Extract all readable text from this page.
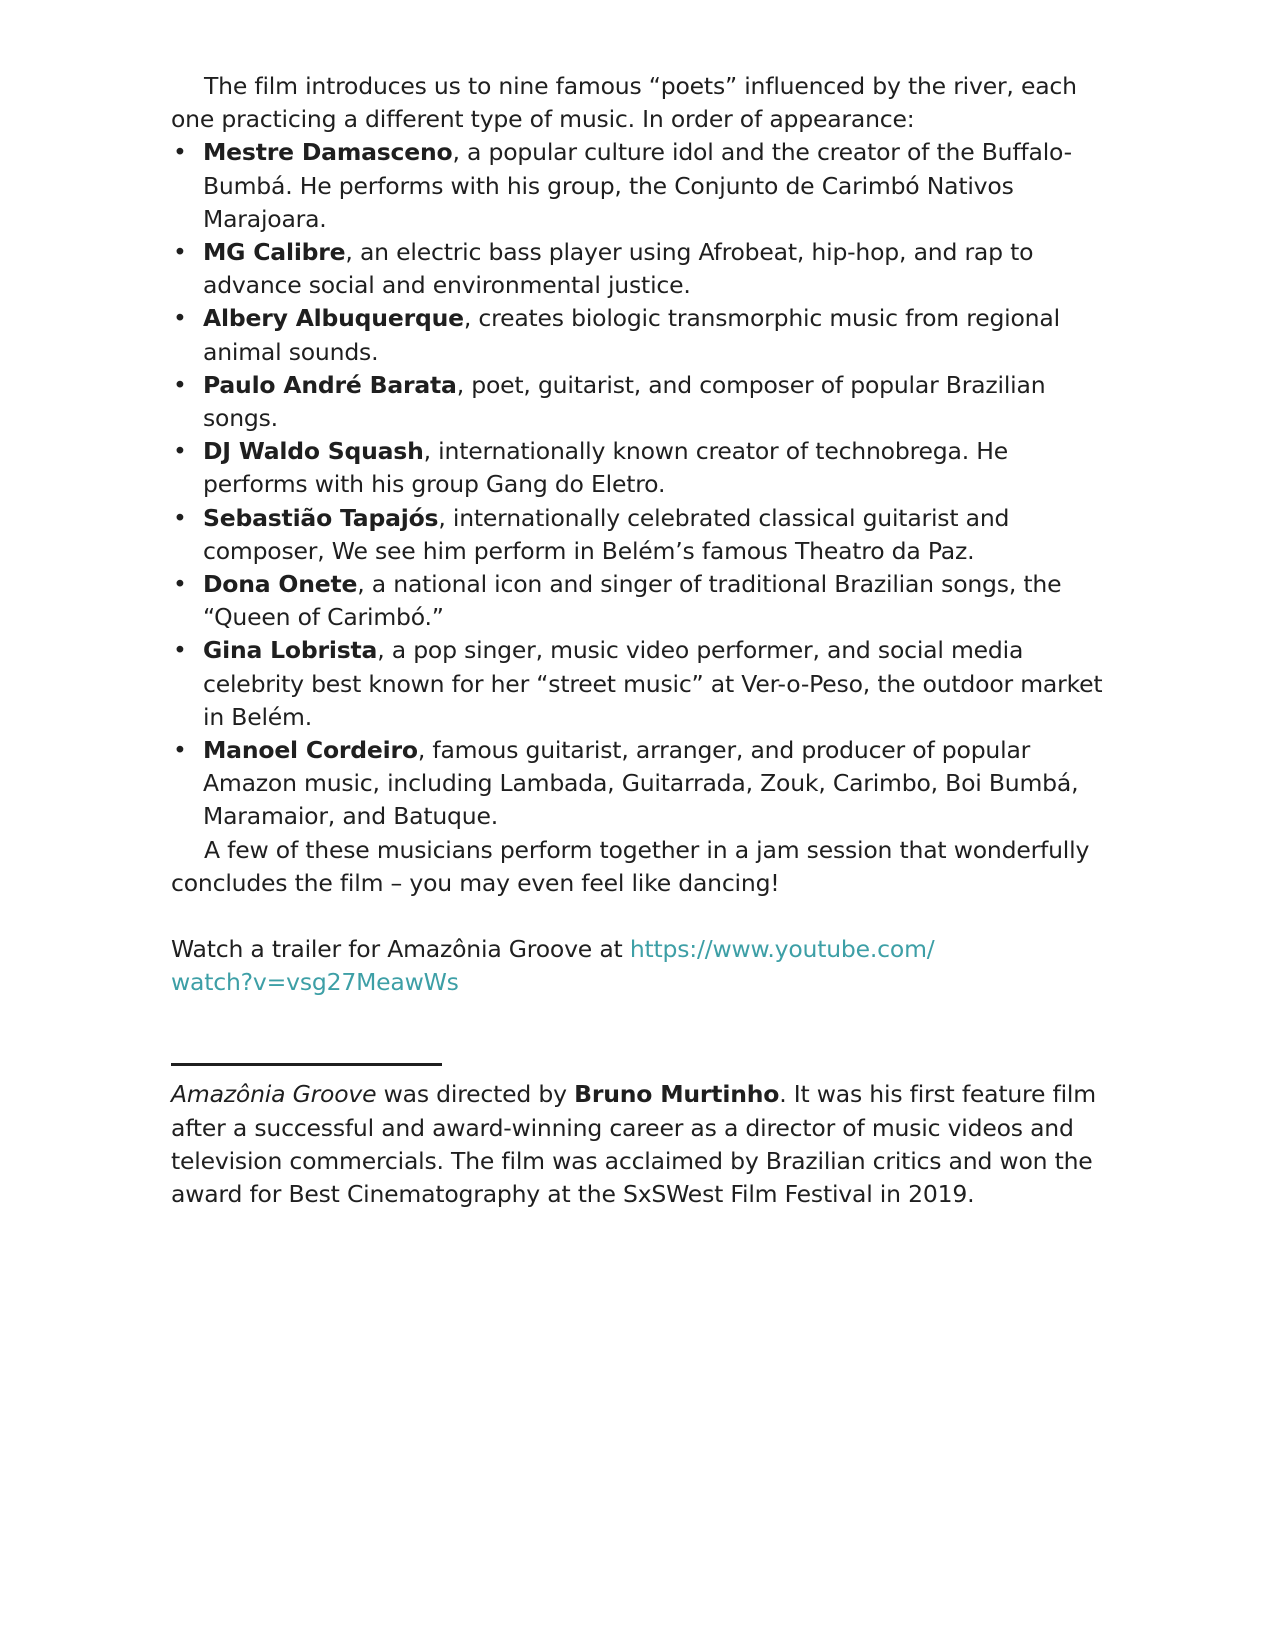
The film introduces us to nine famous “poets” influenced by the river, each one practicing a different type of music. In order of appearance:

• Mestre Damasceno, a popular culture idol and the creator of the Buffalo-Bumbá. He performs with his group, the Conjunto de Carimbó Nativos Marajoara.
• MG Calibre, an electric bass player using Afrobeat, hip-hop, and rap to advance social and environmental justice.
• Albery Albuquerque, creates biologic transmorphic music from regional animal sounds.
• Paulo André Barata, poet, guitarist, and composer of popular Brazilian songs.
• DJ Waldo Squash, internationally known creator of technobrega. He performs with his group Gang do Eletro.
• Sebastião Tapajós, internationally celebrated classical guitarist and composer, We see him perform in Belém’s famous Theatro da Paz.
• Dona Onete, a national icon and singer of traditional Brazilian songs, the “Queen of Carimbó.”
• Gina Lobrista, a pop singer, music video performer, and social media celebrity best known for her “street music” at Ver-o-Peso, the outdoor market in Belém.
• Manoel Cordeiro, famous guitarist, arranger, and producer of popular Amazon music, including Lambada, Guitarrada, Zouk, Carimbo, Boi Bumbá, Maramaior, and Batuque.

A few of these musicians perform together in a jam session that wonderfully concludes the film – you may even feel like dancing!

Watch a trailer for Amazônia Groove at https://www.youtube.com/
watch?v=vsg27MeawWs

Amazônia Groove was directed by Bruno Murtinho. It was his first feature film after a successful and award-winning career as a director of music videos and television commercials. The film was acclaimed by Brazilian critics and won the award for Best Cinematography at the SxSWest Film Festival in 2019.
